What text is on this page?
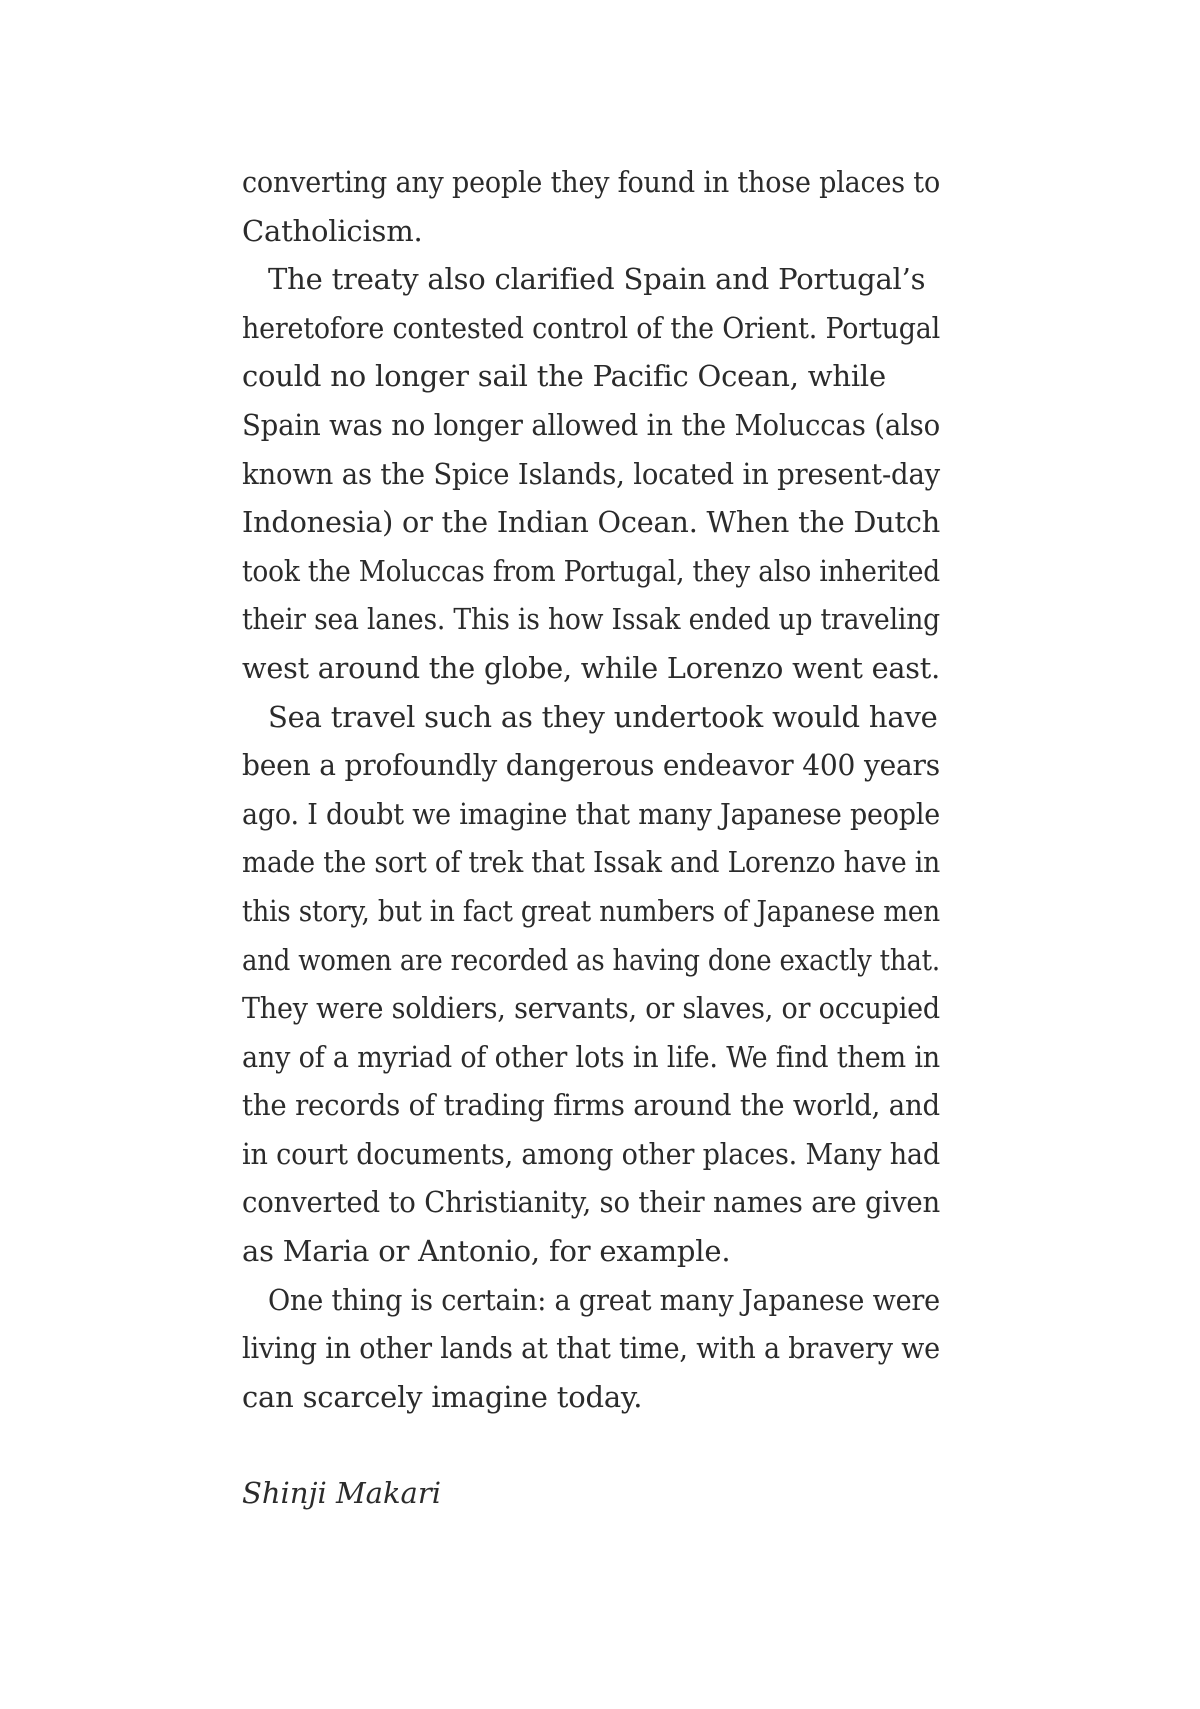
converting any people they found in those places to
Catholicism.
The treaty also clarified Spain and Portugal’s
heretofore contested control of the Orient. Portugal
could no longer sail the Pacific Ocean, while
Spain was no longer allowed in the Moluccas (also
known as the Spice Islands, located in present-day
Indonesia) or the Indian Ocean. When the Dutch
took the Moluccas from Portugal, they also inherited
their sea lanes. This is how Issak ended up traveling
west around the globe, while Lorenzo went east.
Sea travel such as they undertook would have
been a profoundly dangerous endeavor 400 years
ago. I doubt we imagine that many Japanese people
made the sort of trek that Issak and Lorenzo have in
this story, but in fact great numbers of Japanese men
and women are recorded as having done exactly that.
They were soldiers, servants, or slaves, or occupied
any of a myriad of other lots in life. We find them in
the records of trading firms around the world, and
in court documents, among other places. Many had
converted to Christianity, so their names are given
as Maria or Antonio, for example.
One thing is certain: a great many Japanese were
living in other lands at that time, with a bravery we
can scarcely imagine today.
Shinji Makari
